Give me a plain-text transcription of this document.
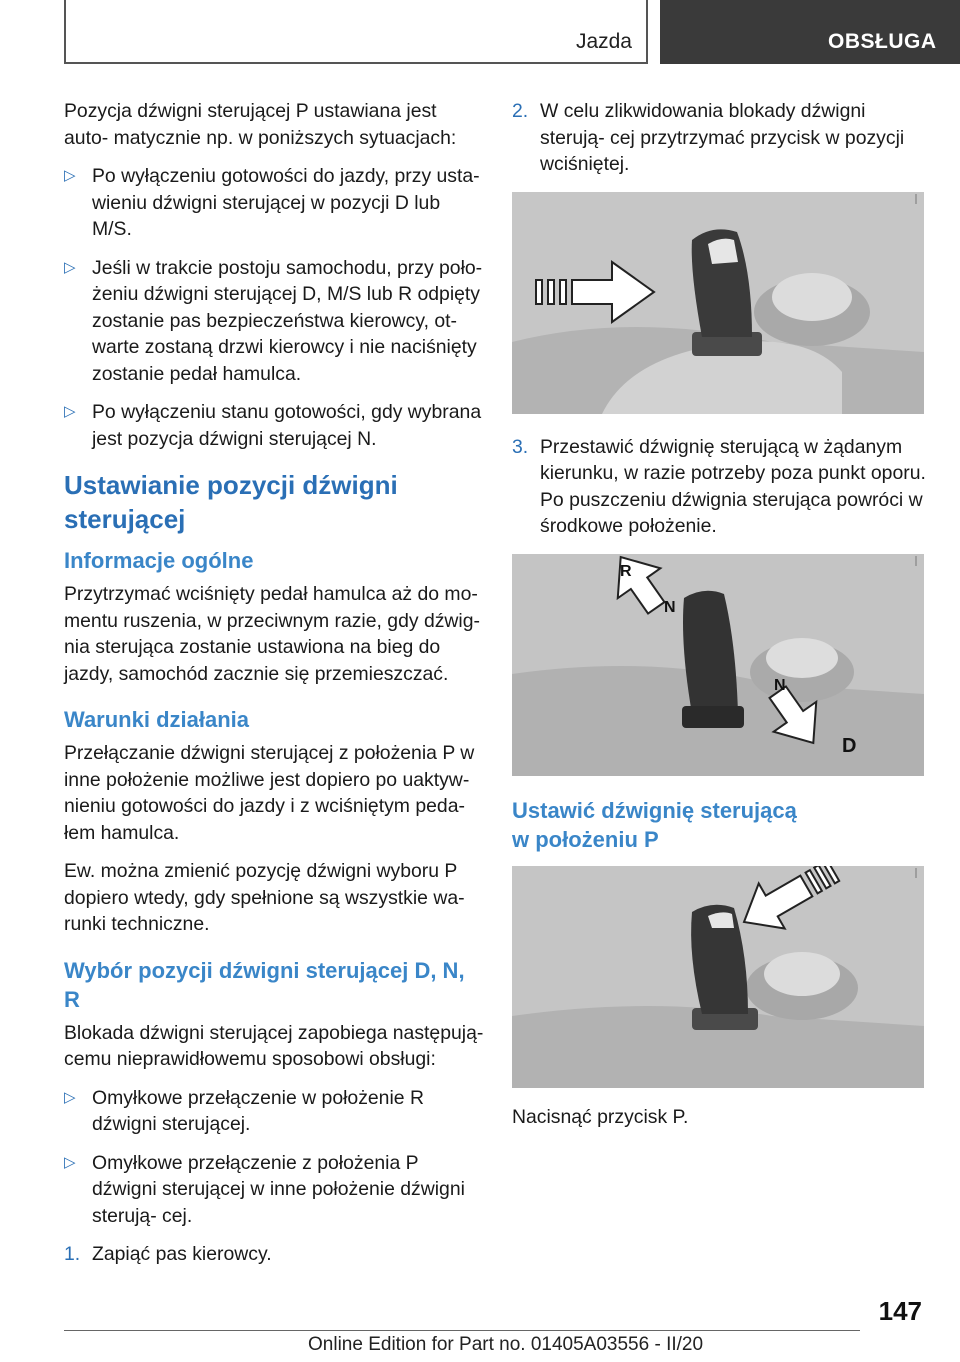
Jazda	OBSŁUGA

Pozycja dźwigni sterującej P ustawiana jest auto- matycznie np. w poniższych sytuacjach:

▷ Po wyłączeniu gotowości do jazdy, przy usta- wieniu dźwigni sterującej w pozycji D lub M/S.
▷ Jeśli w trakcie postoju samochodu, przy poło- żeniu dźwigni sterującej D, M/S lub R odpięty zostanie pas bezpieczeństwa kierowcy, ot- warte zostaną drzwi kierowcy i nie naciśnięty zostanie pedał hamulca.
▷ Po wyłączeniu stanu gotowości, gdy wybrana jest pozycja dźwigni sterującej N.
Ustawianie pozycji dźwigni sterującej
Informacje ogólne

Przytrzymać wciśnięty pedał hamulca aż do mo- mentu ruszenia, w przeciwnym razie, gdy dźwig- nia sterująca zostanie ustawiona na bieg do jazdy, samochód zacznie się przemieszczać.

Warunki działania

Przełączanie dźwigni sterującej z położenia P w inne położenie możliwe jest dopiero po uaktyw- nieniu gotowości do jazdy i z wciśniętym peda- łem hamulca.

Ew. można zmienić pozycję dźwigni wyboru P dopiero wtedy, gdy spełnione są wszystkie wa- runki techniczne.

Wybór pozycji dźwigni sterującej D, N, R

Blokada dźwigni sterującej zapobiega następują- cemu nieprawidłowemu sposobowi obsługi:

▷ Omyłkowe przełączenie w położenie R dźwigni sterującej.
▷ Omyłkowe przełączenie z położenia P dźwigni sterującej w inne położenie dźwigni sterują- cej.
1. Zapiąć pas kierowcy.
2. W celu zlikwidowania blokady dźwigni sterują- cej przytrzymać przycisk w pozycji wciśniętej.
3. Przestawić dźwignię sterującą w żądanym kierunku, w razie potrzeby poza punkt oporu. Po puszczeniu dźwignia sterująca powróci w środkowe położenie.
R
N
N
D
Ustawić dźwignię sterującą w położeniu P

Nacisnąć przycisk P.

147
Online Edition for Part no. 01405A03556 - II/20
